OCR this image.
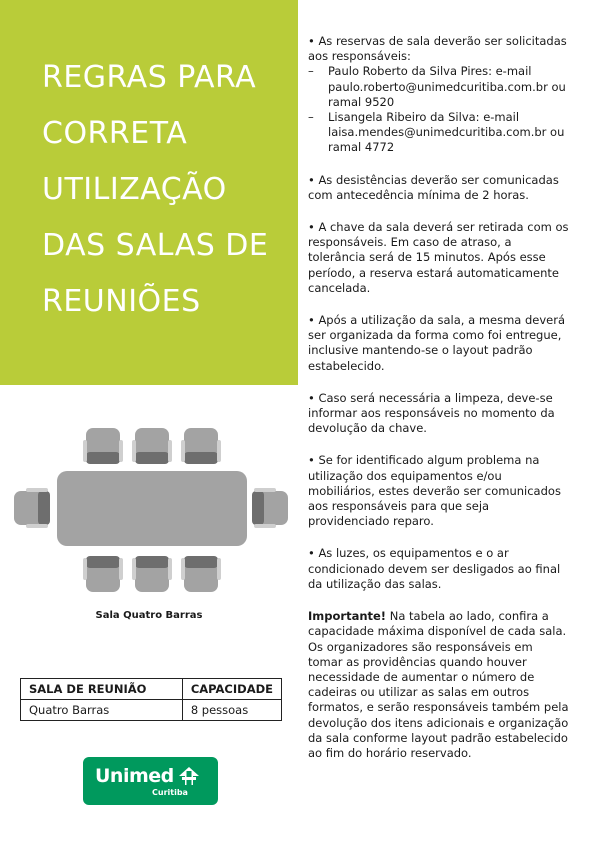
REGRAS PARA
CORRETA
UTILIZAÇÃO
DAS SALAS DE
REUNIÕES
Sala Quatro Barras
SALA DE REUNIÃO	CAPACIDADE
Quatro Barras	8 pessoas
Unimed
Curitiba
• As reservas de sala deverão ser solicitadas aos responsáveis:
–	Paulo Roberto da Silva Pires: e-mail paulo.roberto@unimedcuritiba.com.br ou ramal 9520
–	Lisangela Ribeiro da Silva: e-mail laisa.mendes@unimedcuritiba.com.br ou ramal 4772

• As desistências deverão ser comunicadas com antecedência mínima de 2 horas.

• A chave da sala deverá ser retirada com os responsáveis. Em caso de atraso, a tolerância será de 15 minutos. Após esse período, a reserva estará automaticamente cancelada.

• Após a utilização da sala, a mesma deverá ser organizada da forma como foi entregue, inclusive mantendo-se o layout padrão estabelecido.

• Caso será necessária a limpeza, deve-se informar aos responsáveis no momento da devolução da chave.

• Se for identificado algum problema na utilização dos equipamentos e/ou mobiliários, estes deverão ser comunicados aos responsáveis para que seja providenciado reparo.

• As luzes, os equipamentos e o ar condicionado devem ser desligados ao final da utilização das salas.

Importante! Na tabela ao lado, confira a capacidade máxima disponível de cada sala. Os organizadores são responsáveis em tomar as providências quando houver necessidade de aumentar o número de cadeiras ou utilizar as salas em outros formatos, e serão responsáveis também pela devolução dos itens adicionais e organização da sala conforme layout padrão estabelecido ao fim do horário reservado.
